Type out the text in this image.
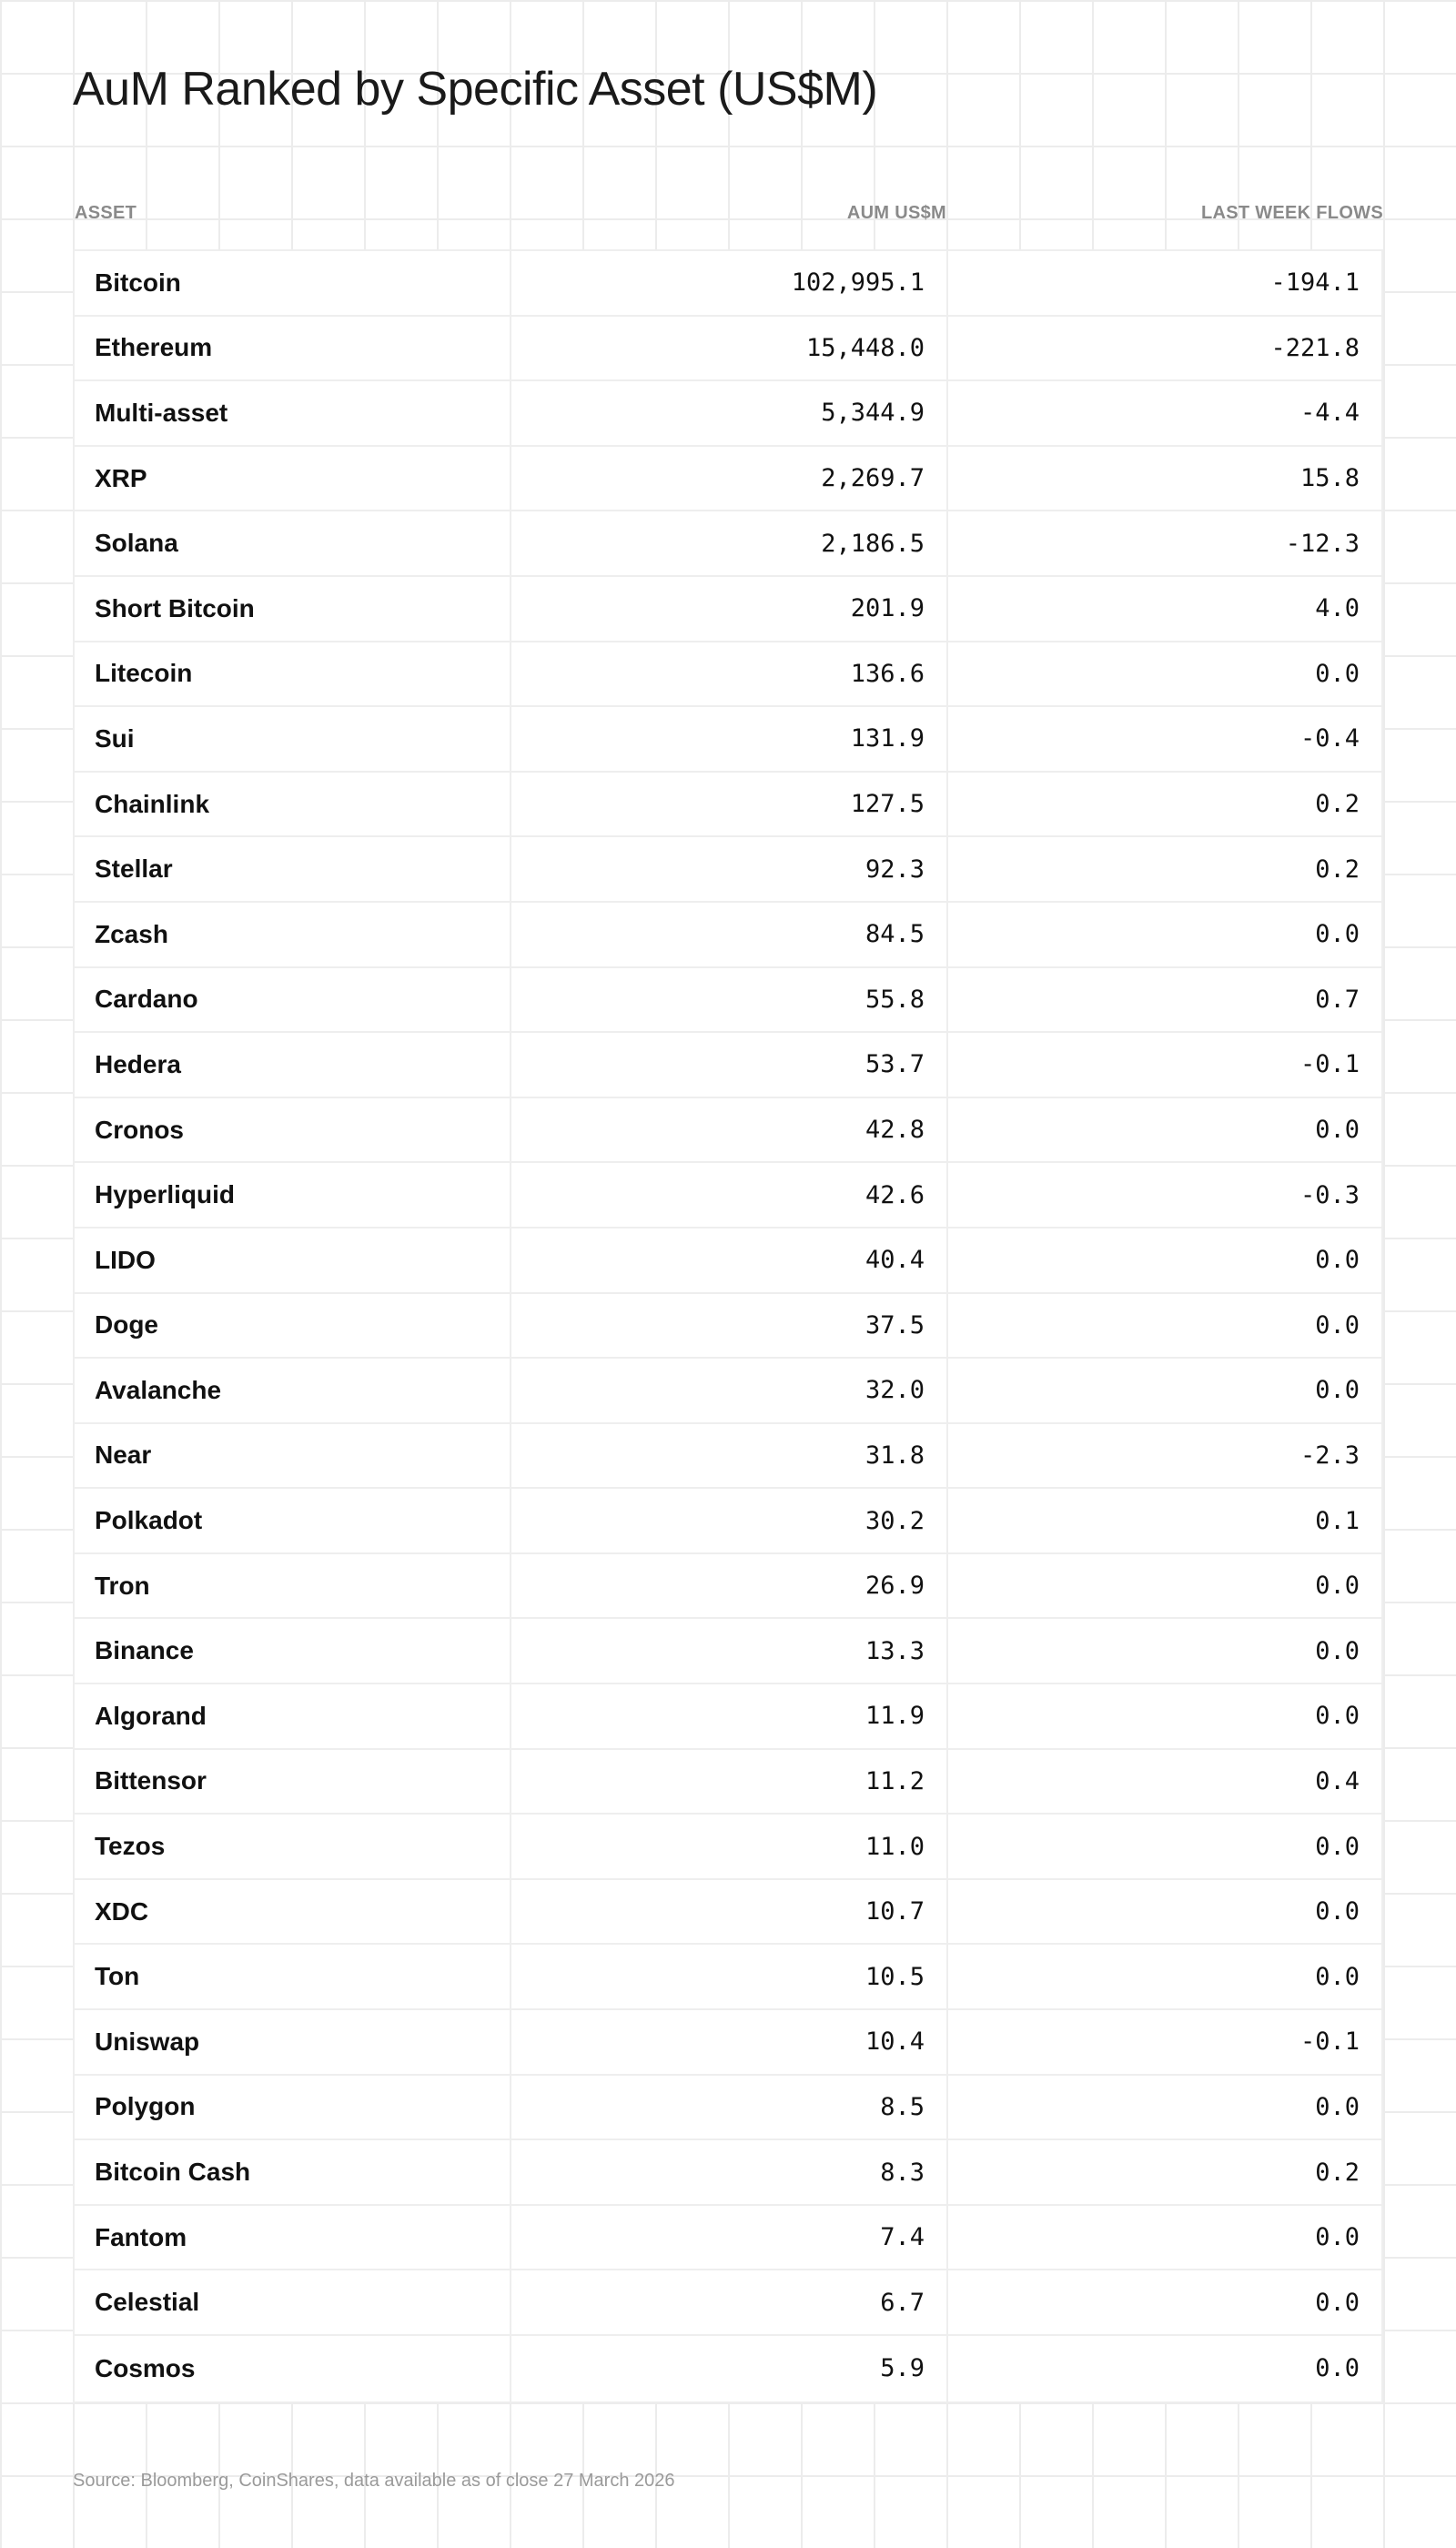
AuM Ranked by Specific Asset (US$M)
ASSET	AUM US$M	LAST WEEK FLOWS
Bitcoin	102,995.1	-194.1
Ethereum	15,448.0	-221.8
Multi-asset	5,344.9	-4.4
XRP	2,269.7	15.8
Solana	2,186.5	-12.3
Short Bitcoin	201.9	4.0
Litecoin	136.6	0.0
Sui	131.9	-0.4
Chainlink	127.5	0.2
Stellar	92.3	0.2
Zcash	84.5	0.0
Cardano	55.8	0.7
Hedera	53.7	-0.1
Cronos	42.8	0.0
Hyperliquid	42.6	-0.3
LIDO	40.4	0.0
Doge	37.5	0.0
Avalanche	32.0	0.0
Near	31.8	-2.3
Polkadot	30.2	0.1
Tron	26.9	0.0
Binance	13.3	0.0
Algorand	11.9	0.0
Bittensor	11.2	0.4
Tezos	11.0	0.0
XDC	10.7	0.0
Ton	10.5	0.0
Uniswap	10.4	-0.1
Polygon	8.5	0.0
Bitcoin Cash	8.3	0.2
Fantom	7.4	0.0
Celestial	6.7	0.0
Cosmos	5.9	0.0
Source: Bloomberg, CoinShares, data available as of close 27 March 2026
